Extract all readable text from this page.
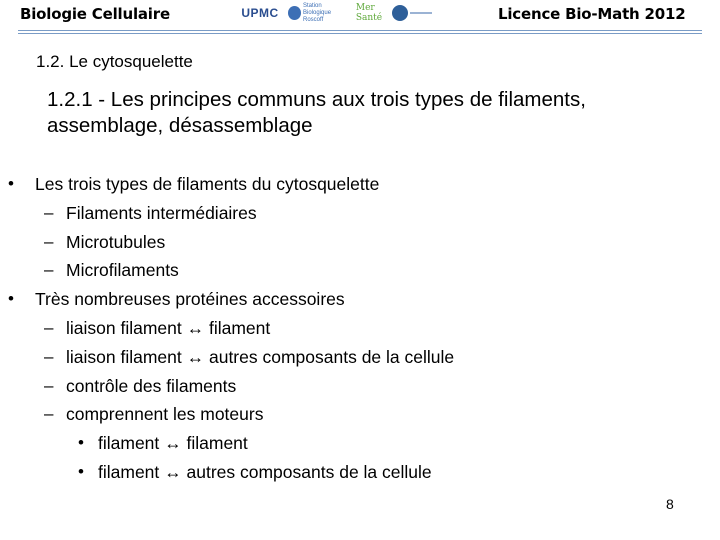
Biologie Cellulaire	UPMC
Station Biologique
Roscoff
Mer
Santé	Licence Bio-Math 2012
1.2. Le cytosquelette
1.2.1 - Les principes communs aux trois types de filaments, assemblage, désassemblage
• Les trois types de filaments du cytosquelette
– Filaments intermédiaires
– Microtubules
– Microfilaments
• Très nombreuses protéines accessoires
– liaison filament ↔ filament
– liaison filament ↔ autres composants de la cellule
– contrôle des filaments
– comprennent les moteurs
• filament ↔ filament
• filament ↔ autres composants de la cellule
8
